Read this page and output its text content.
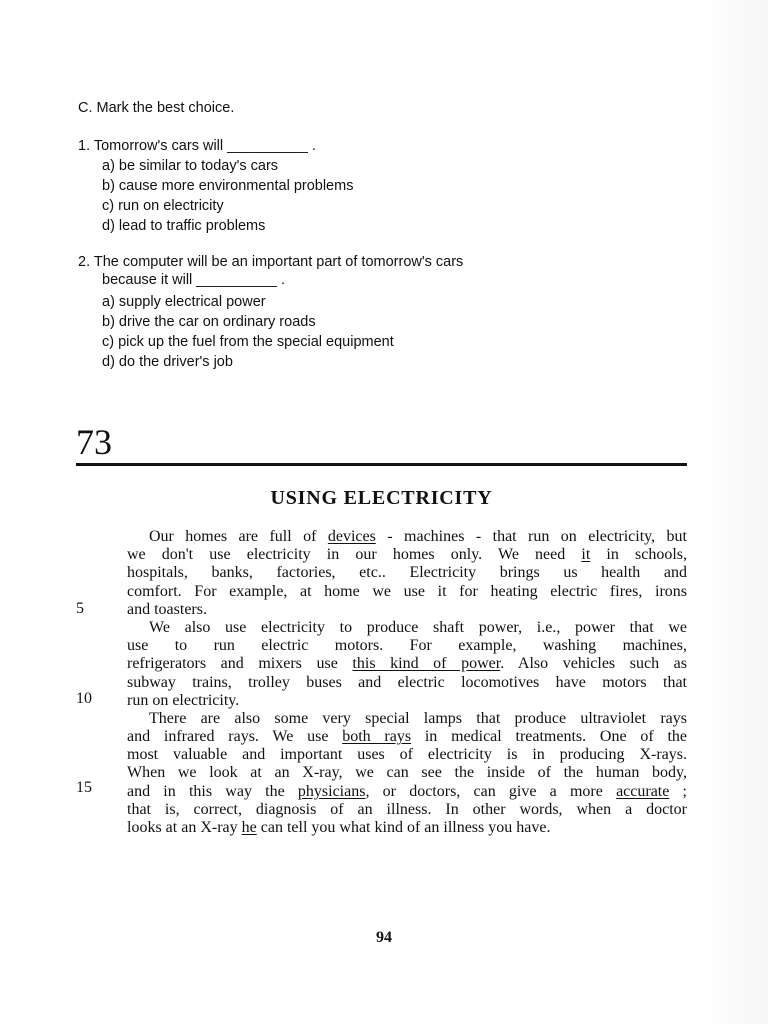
C. Mark the best choice.
1. Tomorrow's cars will __________ .
a) be similar to today's cars
b) cause more environmental problems
c) run on electricity
d) lead to traffic problems
2. The computer will be an important part of tomorrow's cars
because it will __________ .
a) supply electrical power
b) drive the car on ordinary roads
c) pick up the fuel from the special equipment
d) do the driver's job
73
USING ELECTRICITY
5
10
15
Our homes are full of devices - machines - that run on electricity, but
we don't use electricity in our homes only. We need it in schools,
hospitals, banks, factories, etc.. Electricity brings us health and
comfort. For example, at home we use it for heating electric fires, irons
and toasters.
We also use electricity to produce shaft power, i.e., power that we
use to run electric motors. For example, washing machines,
refrigerators and mixers use this kind of power. Also vehicles such as
subway trains, trolley buses and electric locomotives have motors that
run on electricity.
There are also some very special lamps that produce ultraviolet rays
and infrared rays. We use both rays in medical treatments. One of the
most valuable and important uses of electricity is in producing X-rays.
When we look at an X-ray, we can see the inside of the human body,
and in this way the physicians, or doctors, can give a more accurate ;
that is, correct, diagnosis of an illness. In other words, when a doctor
looks at an X-ray he can tell you what kind of an illness you have.
94
